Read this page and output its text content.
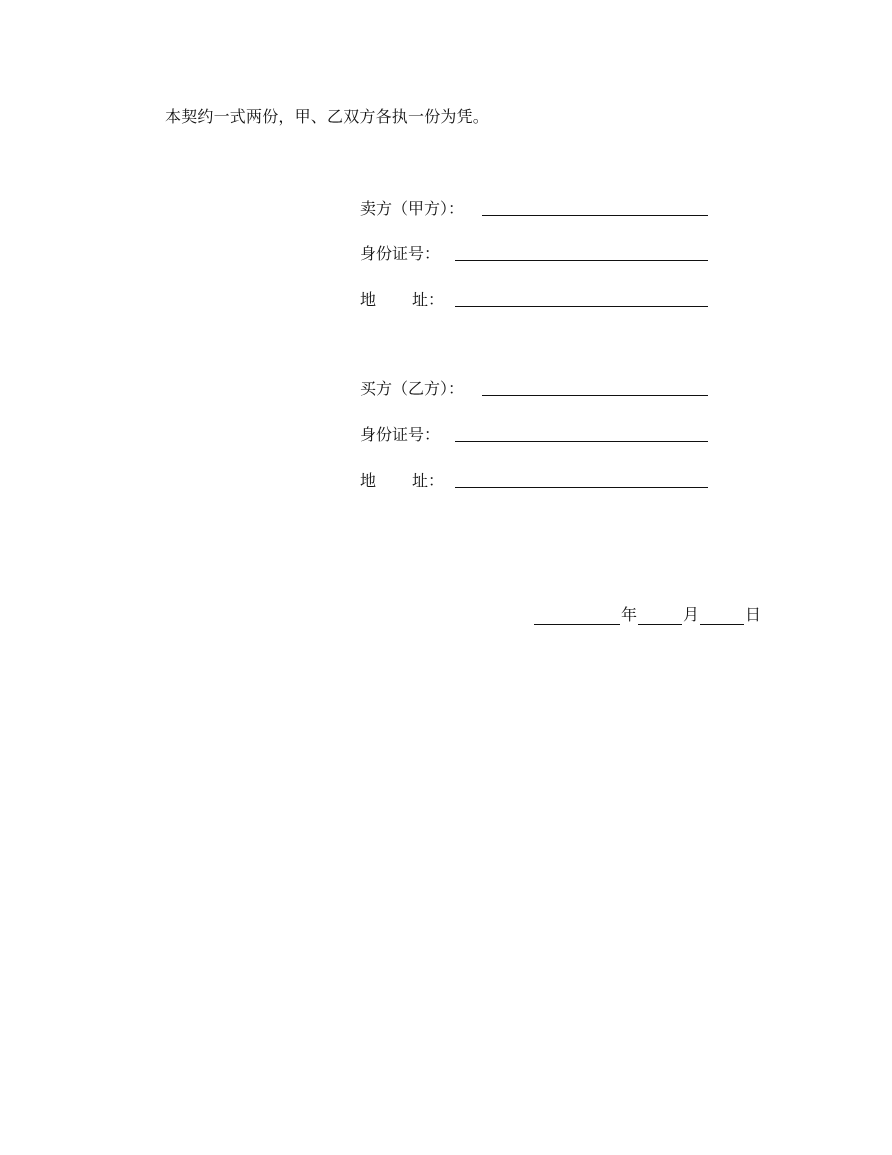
本契约一式两份，甲、乙双方各执一份为凭。
卖方（甲方）：
身份证号：
地 址：
买方（乙方）：
身份证号：
地 址：
年	月	日
